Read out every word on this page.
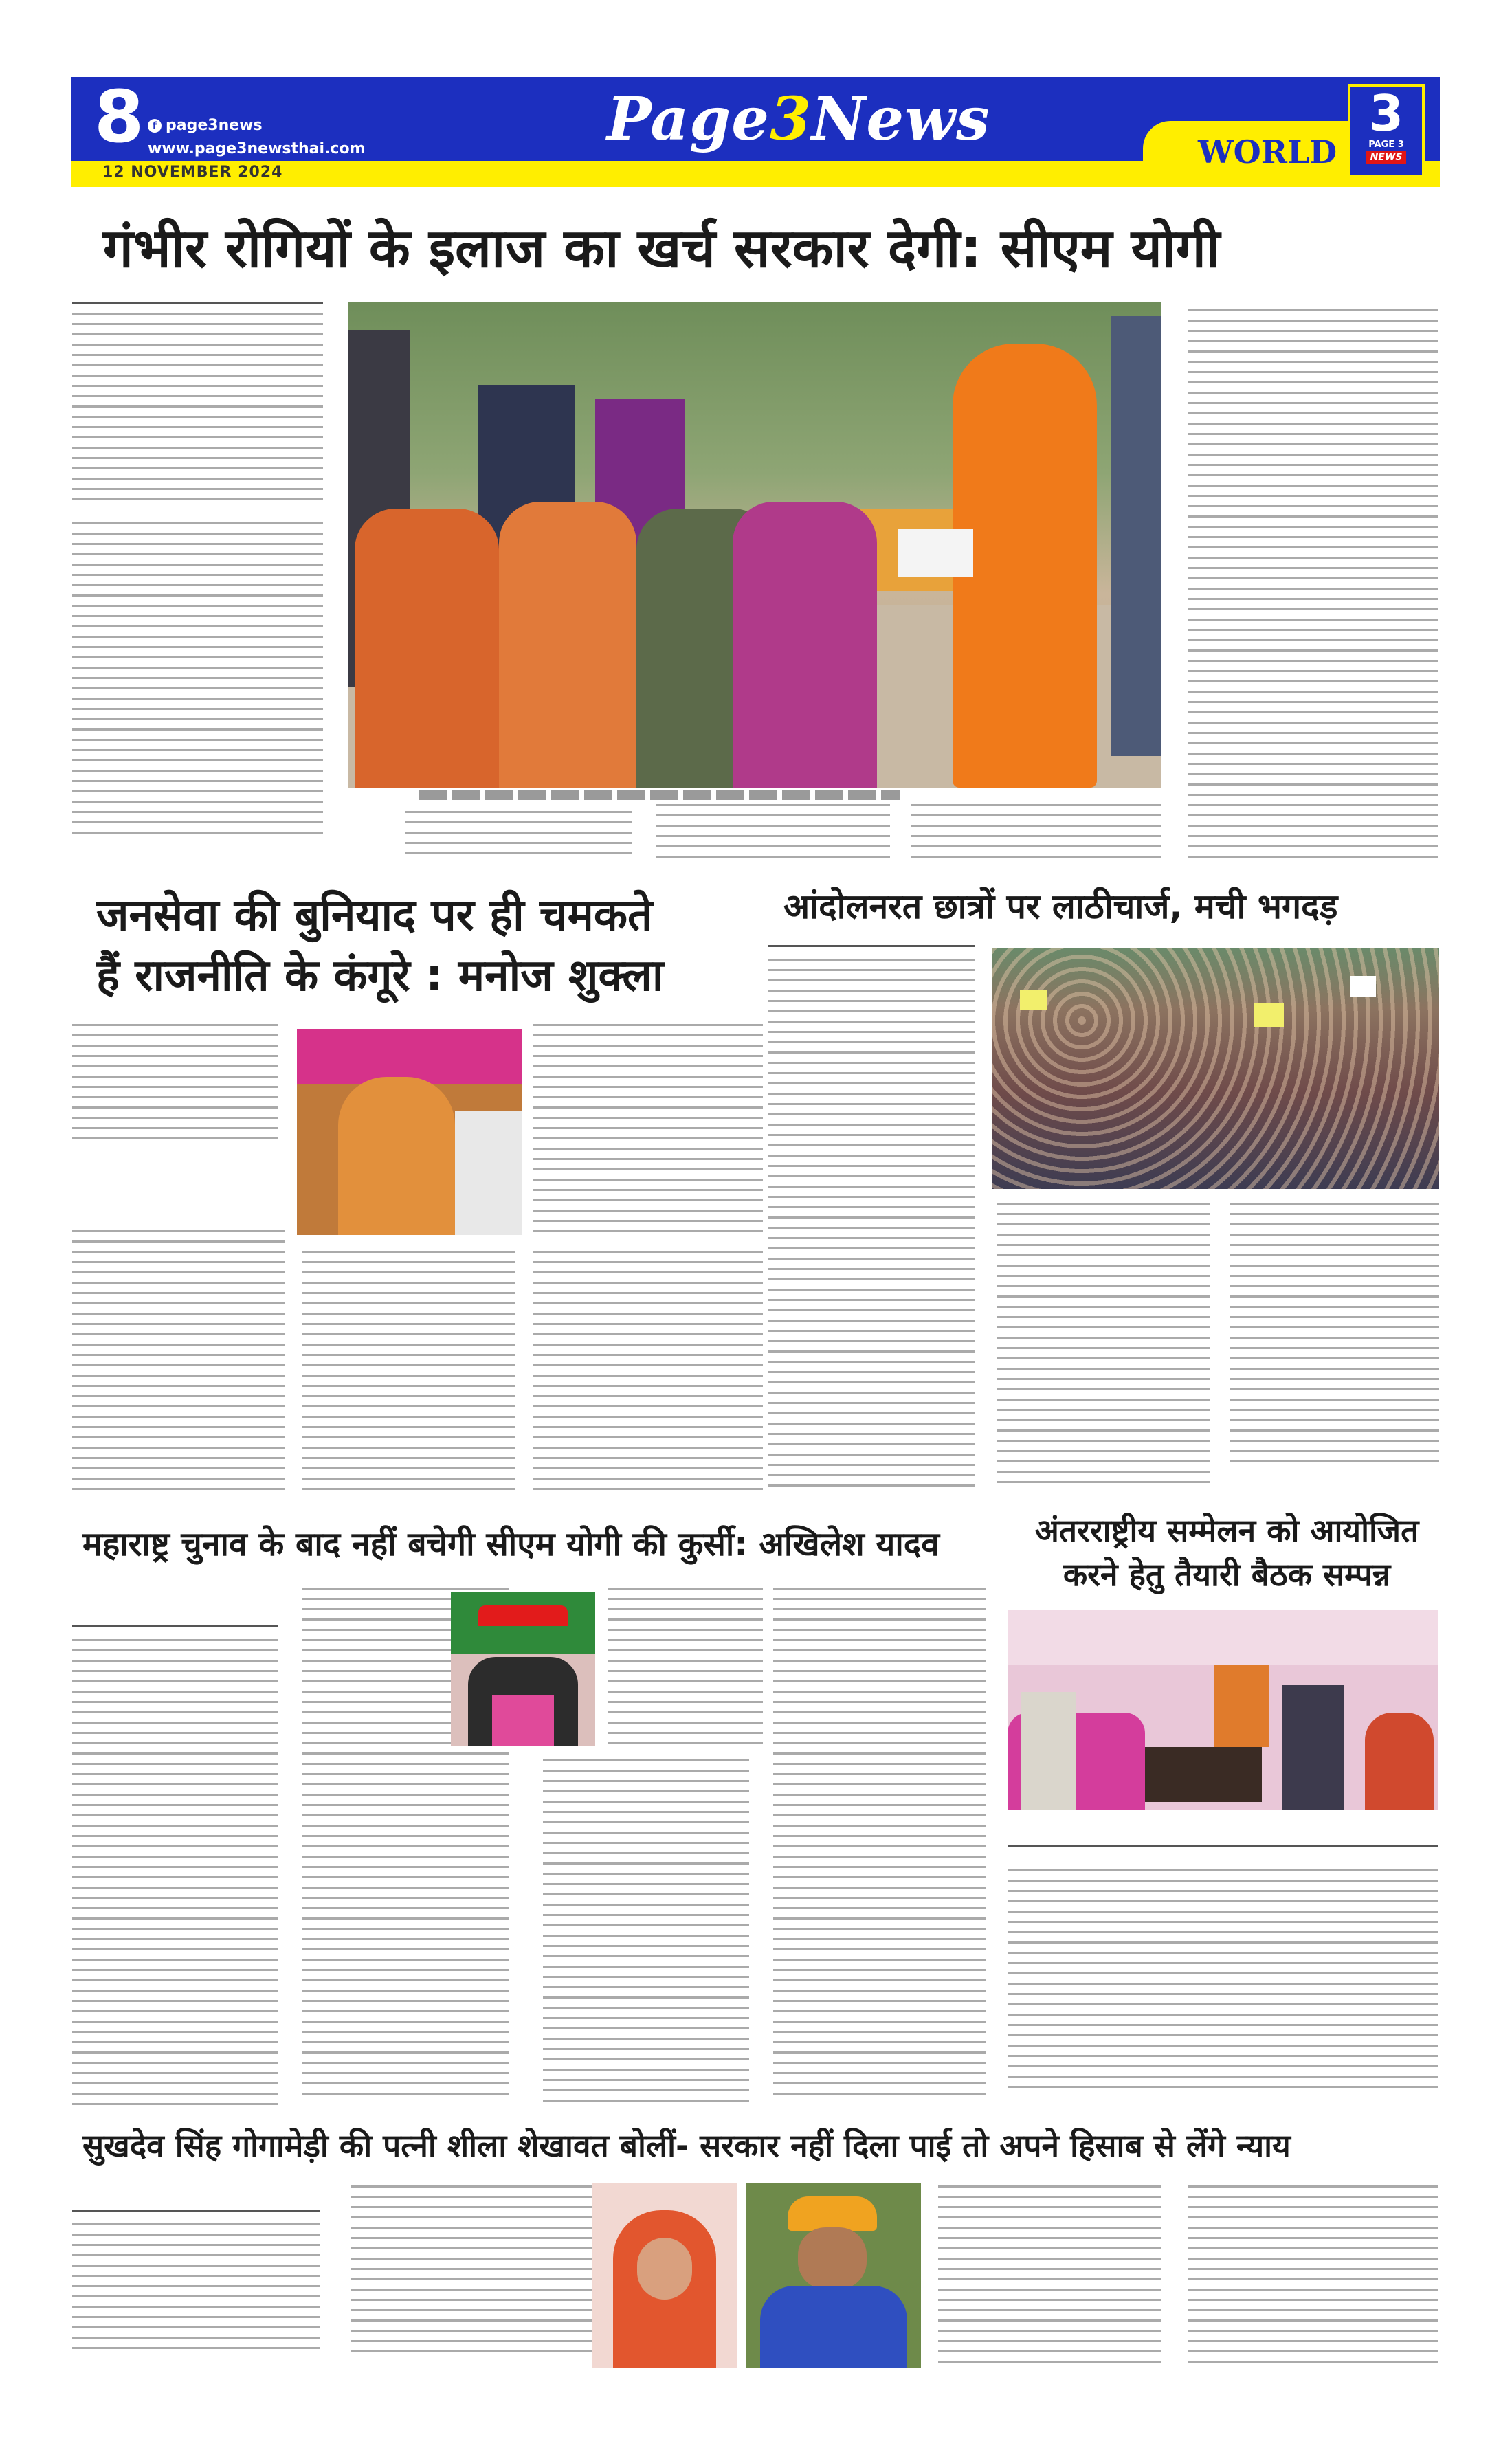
8 f page3news
www.page3newsthai.com
12 NOVEMBER 2024
Page3News	WORLD
3
PAGE 3
NEWS
गंभीर रोगियों के इलाज का खर्च सरकार देगी: सीएम योगी
जनसेवा की बुनियाद पर ही चमकते
हैं राजनीति के कंगूरे : मनोज शुक्ला
आंदोलनरत छात्रों पर लाठीचार्ज, मची भगदड़
महाराष्ट्र चुनाव के बाद नहीं बचेगी सीएम योगी की कुर्सी: अखिलेश यादव	अंतरराष्ट्रीय सम्मेलन को आयोजित
करने हेतु तैयारी बैठक सम्पन्न
सुखदेव सिंह गोगामेड़ी की पत्नी शीला शेखावत बोलीं- सरकार नहीं दिला पाई तो अपने हिसाब से लेंगे न्याय
